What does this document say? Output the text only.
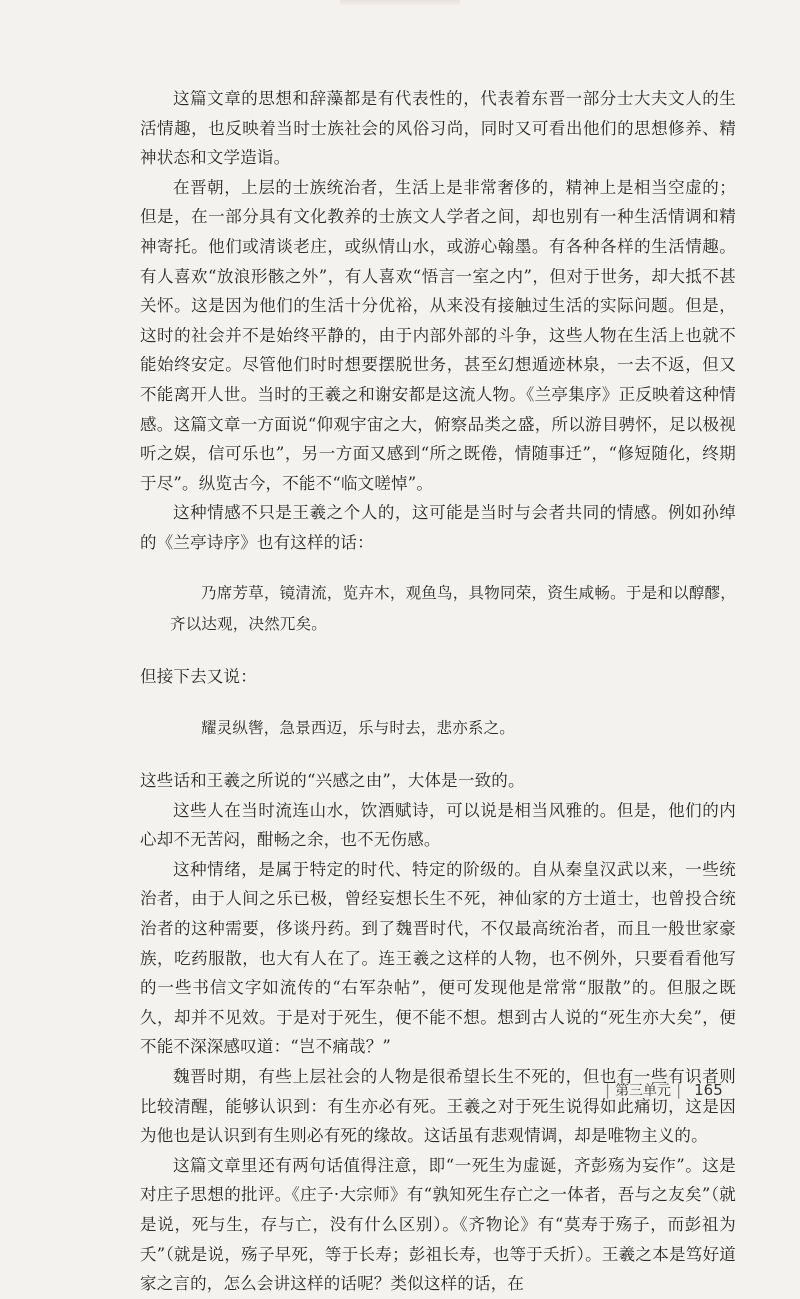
这篇文章的思想和辞藻都是有代表性的，代表着东晋一部分士大夫文人的生活情趣，也反映着当时士族社会的风俗习尚，同时又可看出他们的思想修养、精神状态和文学造诣。

在晋朝，上层的士族统治者，生活上是非常奢侈的，精神上是相当空虚的；但是，在一部分具有文化教养的士族文人学者之间，却也别有一种生活情调和精神寄托。他们或清谈老庄，或纵情山水，或游心翰墨。有各种各样的生活情趣。有人喜欢“放浪形骸之外”，有人喜欢“悟言一室之内”，但对于世务，却大抵不甚关怀。这是因为他们的生活十分优裕，从来没有接触过生活的实际问题。但是，这时的社会并不是始终平静的，由于内部外部的斗争，这些人物在生活上也就不能始终安定。尽管他们时时想要摆脱世务，甚至幻想遁迹林泉，一去不返，但又不能离开人世。当时的王羲之和谢安都是这流人物。《兰亭集序》正反映着这种情感。这篇文章一方面说“仰观宇宙之大，俯察品类之盛，所以游目骋怀，足以极视听之娱，信可乐也”，另一方面又感到“所之既倦，情随事迁”，“修短随化，终期于尽”。纵览古今，不能不“临文嗟悼”。

这种情感不只是王羲之个人的，这可能是当时与会者共同的情感。例如孙绰的《兰亭诗序》也有这样的话：

乃席芳草，镜清流，览卉木，观鱼鸟，具物同荣，资生咸畅。于是和以醇醪，齐以达观，决然兀矣。

但接下去又说：

耀灵纵辔，急景西迈，乐与时去，悲亦系之。

这些话和王羲之所说的“兴感之由”，大体是一致的。

这些人在当时流连山水，饮酒赋诗，可以说是相当风雅的。但是，他们的内心却不无苦闷，酣畅之余，也不无伤感。

这种情绪，是属于特定的时代、特定的阶级的。自从秦皇汉武以来，一些统治者，由于人间之乐已极，曾经妄想长生不死，神仙家的方士道士，也曾投合统治者的这种需要，侈谈丹药。到了魏晋时代，不仅最高统治者，而且一般世家豪族，吃药服散，也大有人在了。连王羲之这样的人物，也不例外，只要看看他写的一些书信文字如流传的“右军杂帖”，便可发现他是常常“服散”的。但服之既久，却并不见效。于是对于死生，便不能不想。想到古人说的“死生亦大矣”，便不能不深深感叹道：“岂不痛哉？”

魏晋时期，有些上层社会的人物是很希望长生不死的，但也有一些有识者则比较清醒，能够认识到：有生亦必有死。王羲之对于死生说得如此痛切，这是因为他也是认识到有生则必有死的缘故。这话虽有悲观情调，却是唯物主义的。

这篇文章里还有两句话值得注意，即“一死生为虚诞，齐彭殇为妄作”。这是对庄子思想的批评。《庄子·大宗师》有“孰知死生存亡之一体者，吾与之友矣”（就是说，死与生，存与亡，没有什么区别）。《齐物论》有“莫寿于殇子，而彭祖为夭”（就是说，殇子早死，等于长寿；彭祖长寿，也等于夭折）。王羲之本是笃好道家之言的，怎么会讲这样的话呢？类似这样的话，在

| 第三单元 | 165
